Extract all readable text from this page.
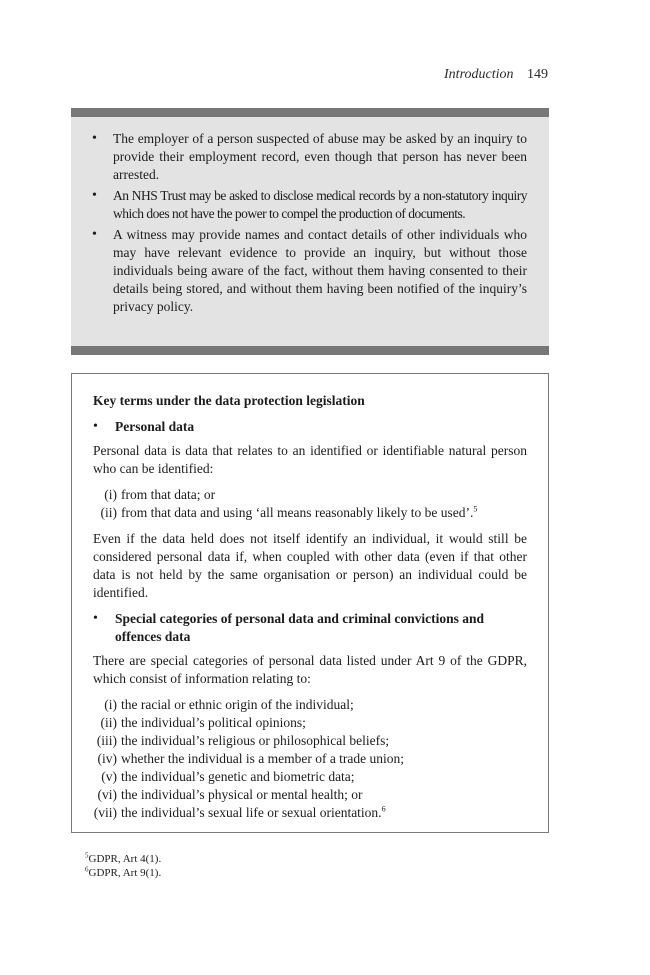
Introduction 149
• The employer of a person suspected of abuse may be asked by an inquiry to provide their employment record, even though that person has never been arrested.
• An NHS Trust may be asked to disclose medical records by a non-statutory inquiry which does not have the power to compel the production of documents.
• A witness may provide names and contact details of other individuals who may have relevant evidence to provide an inquiry, but without those individuals being aware of the fact, without them having consented to their details being stored, and without them having been notified of the inquiry’s privacy policy.
Key terms under the data protection legislation
• Personal data

Personal data is data that relates to an identified or identifiable natural person who can be identified:

(i) from that data; or
(ii) from that data and using ‘all means reasonably likely to be used’.$^5$

Even if the data held does not itself identify an individual, it would still be considered personal data if, when coupled with other data (even if that other data is not held by the same organisation or person) an individual could be identified.

• Special categories of personal data and criminal convictions and offences data

There are special categories of personal data listed under Art 9 of the GDPR, which consist of information relating to:

(i) the racial or ethnic origin of the individual;
(ii) the individual’s political opinions;
(iii) the individual’s religious or philosophical beliefs;
(iv) whether the individual is a member of a trade union;
(v) the individual’s genetic and biometric data;
(vi) the individual’s physical or mental health; or
(vii) the individual’s sexual life or sexual orientation.$^6$
$^5$GDPR, Art 4(1).
$^6$GDPR, Art 9(1).
